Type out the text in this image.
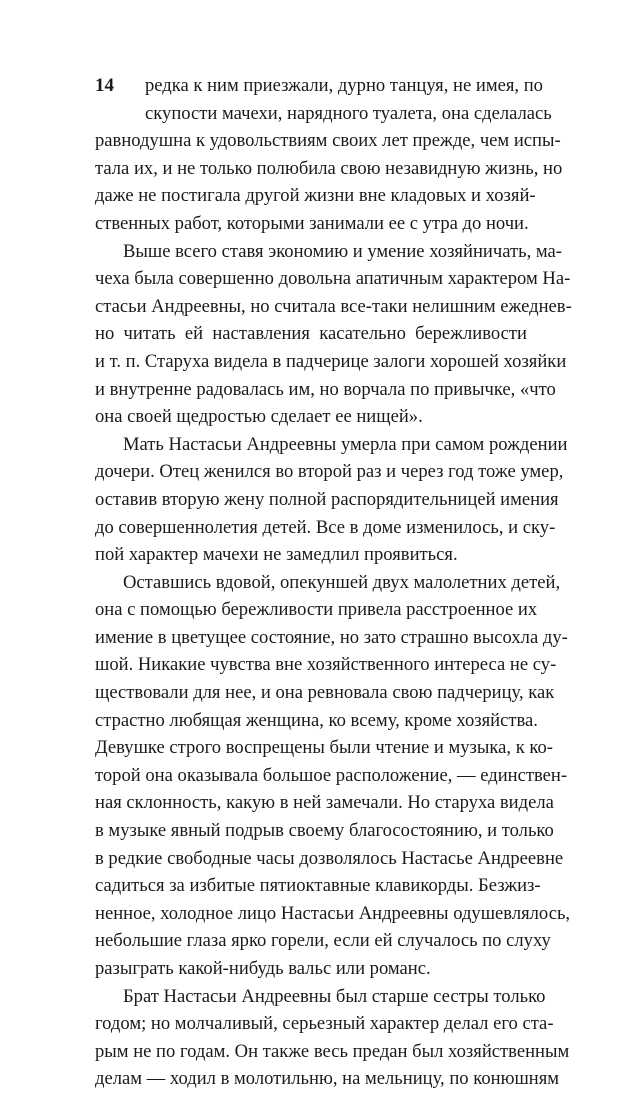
14	редка к ним приезжали, дурно танцуя, не имея, по
скупости мачехи, нарядного туалета, она сделалась
равнодушна к удовольствиям своих лет прежде, чем испы-
тала их, и не только полюбила свою незавидную жизнь, но
даже не постигала другой жизни вне кладовых и хозяй-
ственных работ, которыми занимали ее с утра до ночи.
Выше всего ставя экономию и умение хозяйничать, ма-
чеха была совершенно довольна апатичным характером На-
стасьи Андреевны, но считала все-таки нелишним ежеднев-
но читать ей наставления касательно бережливости
и т. п. Старуха видела в падчерице залоги хорошей хозяйки
и внутренне радовалась им, но ворчала по привычке, «что
она своей щедростью сделает ее нищей».
Мать Настасьи Андреевны умерла при самом рождении
дочери. Отец женился во второй раз и через год тоже умер,
оставив вторую жену полной распорядительницей имения
до совершеннолетия детей. Все в доме изменилось, и ску-
пой характер мачехи не замедлил проявиться.
Оставшись вдовой, опекуншей двух малолетних детей,
она с помощью бережливости привела расстроенное их
имение в цветущее состояние, но зато страшно высохла ду-
шой. Никакие чувства вне хозяйственного интереса не су-
ществовали для нее, и она ревновала свою падчерицу, как
страстно любящая женщина, ко всему, кроме хозяйства.
Девушке строго воспрещены были чтение и музыка, к ко-
торой она оказывала большое расположение, — единствен-
ная склонность, какую в ней замечали. Но старуха видела
в музыке явный подрыв своему благосостоянию, и только
в редкие свободные часы дозволялось Настасье Андреевне
садиться за избитые пятиоктавные клавикорды. Безжиз-
ненное, холодное лицо Настасьи Андреевны одушевлялось,
небольшие глаза ярко горели, если ей случалось по слуху
разыграть какой-нибудь вальс или романс.
Брат Настасьи Андреевны был старше сестры только
годом; но молчаливый, серьезный характер делал его ста-
рым не по годам. Он также весь предан был хозяйственным
делам — ходил в молотильню, на мельницу, по конюшням
